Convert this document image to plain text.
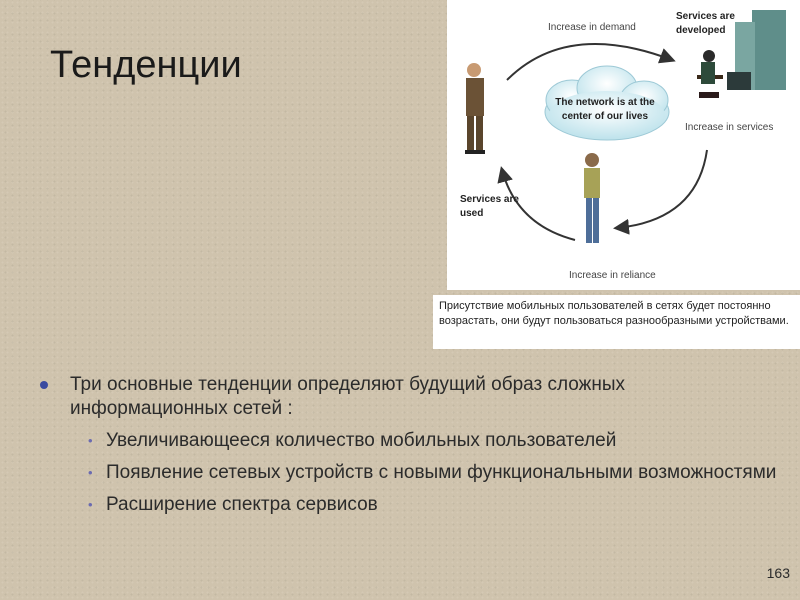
Тенденции
Increase in demand
Services are developed
Increase in services
Increase in reliance
Services are used
The network is at the center of our lives
Присутствие мобильных пользователей в сетях будет постоянно возрастать, они будут пользоваться разнообразными устройствами.
Три основные тенденции определяют будущий образ сложных информационных сетей :
• Увеличивающееся количество мобильных пользователей
• Появление сетевых устройств с новыми функциональными возможностями
• Расширение спектра сервисов
163
